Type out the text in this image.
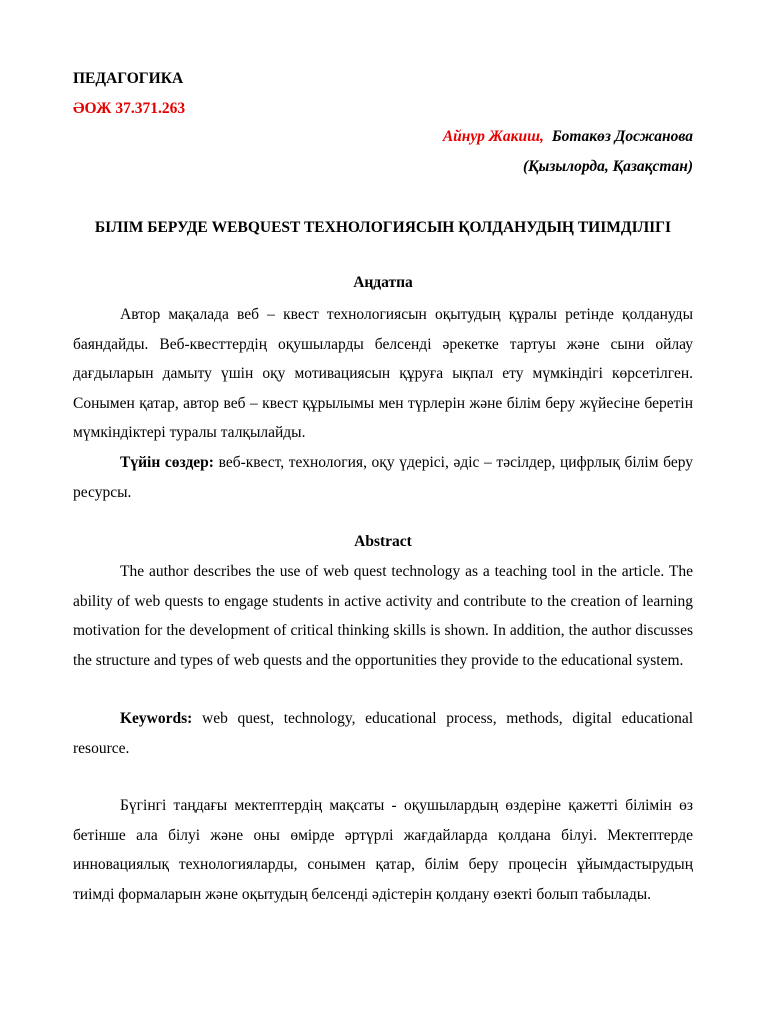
ПЕДАГОГИКА
ӘОЖ 37.371.263
Айнур Жакиш, Ботакөз Досжанова
(Қызылорда, Қазақстан)
БІЛІМ БЕРУДЕ WEBQUEST ТЕХНОЛОГИЯСЫН ҚОЛДАНУДЫҢ ТИІМДІЛІГІ
Аңдатпа

Автор мақалада веб – квест технологиясын оқытудың құралы ретінде қолдануды баяндайды. Веб-квесттердің оқушыларды белсенді әрекетке тартуы және сыни ойлау дағдыларын дамыту үшін оқу мотивациясын құруға ықпал ету мүмкіндігі көрсетілген. Сонымен қатар, автор веб – квест құрылымы мен түрлерін және білім беру жүйесіне беретін мүмкіндіктері туралы талқылайды.

Түйін сөздер: веб-квест, технология, оқу үдерісі, әдіс – тәсілдер, цифрлық білім беру ресурсы.

Abstract

The author describes the use of web quest technology as a teaching tool in the article. The ability of web quests to engage students in active activity and contribute to the creation of learning motivation for the development of critical thinking skills is shown. In addition, the author discusses the structure and types of web quests and the opportunities they provide to the educational system.

Keywords: web quest, technology, educational process, methods, digital educational resource.

Бүгінгі таңдағы мектептердің мақсаты - оқушылардың өздеріне қажетті білімін өз бетінше ала білуі және оны өмірде әртүрлі жағдайларда қолдана білуі. Мектептерде инновациялық технологияларды, сонымен қатар, білім беру процесін ұйымдастырудың тиімді формаларын және оқытудың белсенді әдістерін қолдану өзекті болып табылады.
